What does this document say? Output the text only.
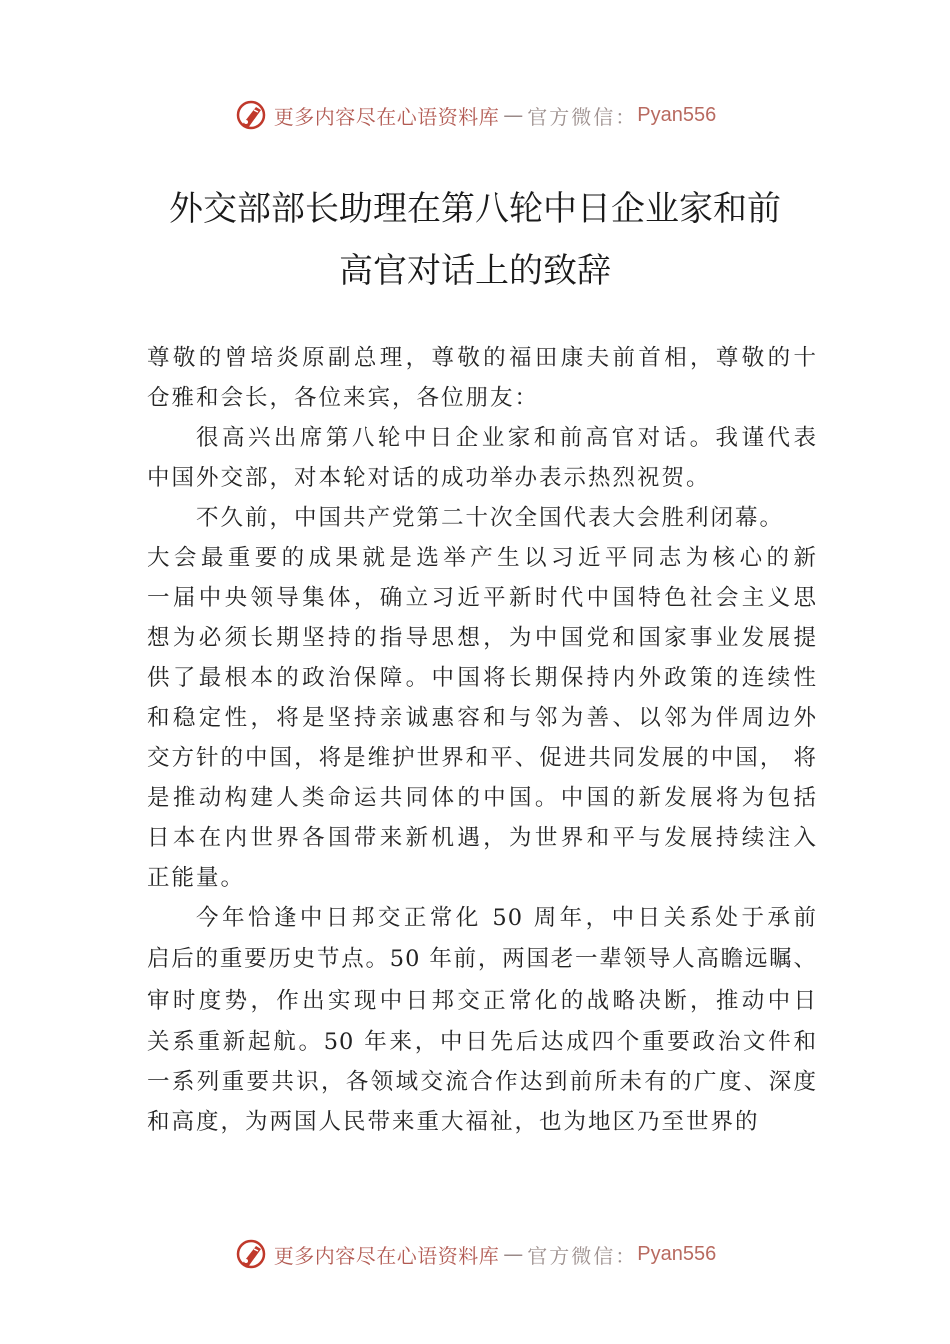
更多内容尽在心语资料库 — 官方微信： Pyan556
外交部部长助理在第八轮中日企业家和前
高官对话上的致辞
尊敬的曾培炎原副总理，尊敬的福田康夫前首相，尊敬的十
仓雅和会长，各位来宾，各位朋友：
很高兴出席第八轮中日企业家和前高官对话。我谨代表
中国外交部，对本轮对话的成功举办表示热烈祝贺。
不久前，中国共产党第二十次全国代表大会胜利闭幕。
大会最重要的成果就是选举产生以习近平同志为核心的新
一届中央领导集体，确立习近平新时代中国特色社会主义思
想为必须长期坚持的指导思想，为中国党和国家事业发展提
供了最根本的政治保障。中国将长期保持内外政策的连续性
和稳定性，将是坚持亲诚惠容和与邻为善、以邻为伴周边外
交方针的中国，将是维护世界和平、促进共同发展的中国， 将
是推动构建人类命运共同体的中国。中国的新发展将为包括
日本在内世界各国带来新机遇，为世界和平与发展持续注入
正能量。
今年恰逢中日邦交正常化 50 周年，中日关系处于承前
启后的重要历史节点。50 年前，两国老一辈领导人高瞻远瞩、
审时度势，作出实现中日邦交正常化的战略决断，推动中日
关系重新起航。50 年来，中日先后达成四个重要政治文件和
一系列重要共识，各领域交流合作达到前所未有的广度、深度
和高度，为两国人民带来重大福祉，也为地区乃至世界的
更多内容尽在心语资料库 — 官方微信： Pyan556
